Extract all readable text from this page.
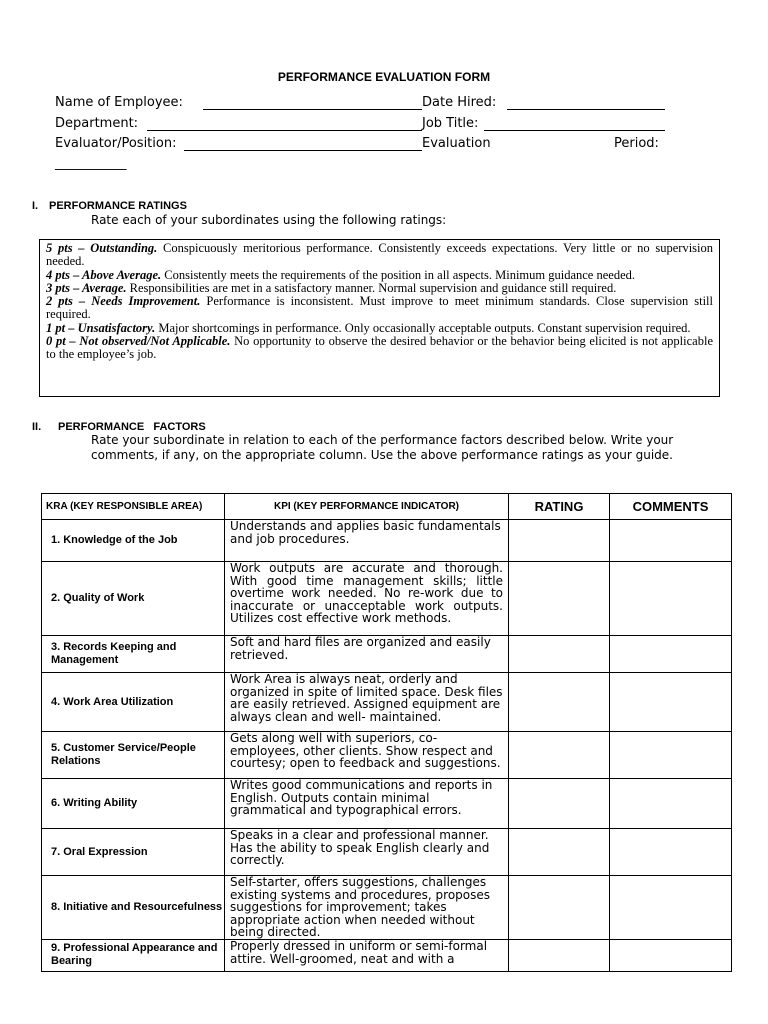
PERFORMANCE EVALUATION FORM
Name of Employee:	Date Hired:
Department:	Job Title:
Evaluator/Position:	Evaluation	Period:
___________
I. PERFORMANCE RATINGS
Rate each of your subordinates using the following ratings:

5 pts – Outstanding. Conspicuously meritorious performance. Consistently exceeds expectations. Very little or no supervision needed.

4 pts – Above Average. Consistently meets the requirements of the position in all aspects. Minimum guidance needed.

3 pts – Average. Responsibilities are met in a satisfactory manner. Normal supervision and guidance still required.

2 pts – Needs Improvement. Performance is inconsistent. Must improve to meet minimum standards. Close supervision still required.

1 pt – Unsatisfactory. Major shortcomings in performance. Only occasionally acceptable outputs. Constant supervision required.

0 pt – Not observed/Not Applicable. No opportunity to observe the desired behavior or the behavior being elicited is not applicable to the employee’s job.

II. PERFORMANCE   FACTORS
Rate your subordinate in relation to each of the performance factors described below. Write your comments, if any, on the appropriate column. Use the above performance ratings as your guide.
KRA (KEY RESPONSIBLE AREA)	KPI (KEY PERFORMANCE INDICATOR)	RATING	COMMENTS
1. Knowledge of the Job	Understands and applies basic fundamentals and job procedures.		
2. Quality of Work	Work outputs are accurate and thorough. With good time management skills; little overtime work needed. No re-work due to inaccurate or unacceptable work outputs. Utilizes cost effective work methods.		
3. Records Keeping and Management	Soft and hard files are organized and easily retrieved.		
4. Work Area Utilization	Work Area is always neat, orderly and organized in spite of limited space. Desk files are easily retrieved. Assigned equipment are always clean and well- maintained.		
5. Customer Service/People Relations	Gets along well with superiors, co-employees, other clients. Show respect and courtesy; open to feedback and suggestions.		
6. Writing Ability	Writes good communications and reports in English. Outputs contain minimal grammatical and typographical errors.		
7. Oral Expression	Speaks in a clear and professional manner. Has the ability to speak English clearly and correctly.		
8. Initiative and Resourcefulness	Self-starter, offers suggestions, challenges existing systems and procedures, proposes suggestions for improvement; takes appropriate action when needed without being directed.		
9. Professional Appearance and Bearing	Properly dressed in uniform or semi-formal attire. Well-groomed, neat and with a		
